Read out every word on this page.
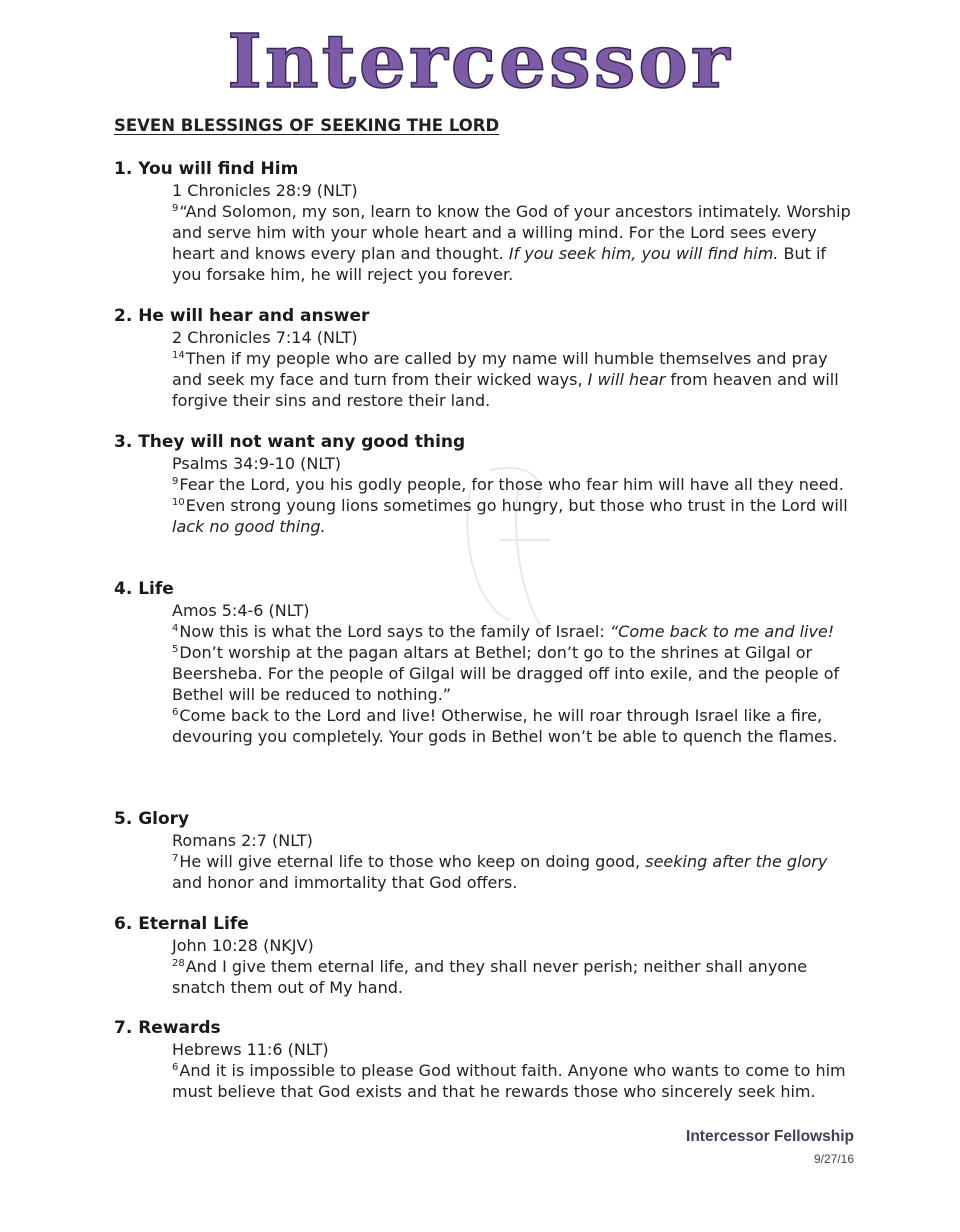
Intercessor
SEVEN BLESSINGS OF SEEKING THE LORD
1. You will find Him
1 Chronicles 28:9 (NLT)
$^9$“And Solomon, my son, learn to know the God of your ancestors intimately. Worship and serve him with your whole heart and a willing mind. For the Lord sees every heart and knows every plan and thought. If you seek him, you will find him. But if you forsake him, he will reject you forever.
2. He will hear and answer
2 Chronicles 7:14 (NLT)
$^{14}$Then if my people who are called by my name will humble themselves and pray and seek my face and turn from their wicked ways, I will hear from heaven and will forgive their sins and restore their land.
3. They will not want any good thing
Psalms 34:9-10 (NLT)
$^9$Fear the Lord, you his godly people, for those who fear him will have all they need.
$^{10}$Even strong young lions sometimes go hungry, but those who trust in the Lord will lack no good thing.
4. Life
Amos 5:4-6 (NLT)
$^4$Now this is what the Lord says to the family of Israel: “Come back to me and live!
$^5$Don’t worship at the pagan altars at Bethel; don’t go to the shrines at Gilgal or Beersheba. For the people of Gilgal will be dragged off into exile, and the people of Bethel will be reduced to nothing.”
$^6$Come back to the Lord and live! Otherwise, he will roar through Israel like a fire, devouring you completely. Your gods in Bethel won’t be able to quench the flames.
5. Glory
Romans 2:7 (NLT)
$^7$He will give eternal life to those who keep on doing good, seeking after the glory and honor and immortality that God offers.
6. Eternal Life
John 10:28 (NKJV)
$^{28}$And I give them eternal life, and they shall never perish; neither shall anyone snatch them out of My hand.
7. Rewards
Hebrews 11:6 (NLT)
$^6$And it is impossible to please God without faith. Anyone who wants to come to him must believe that God exists and that he rewards those who sincerely seek him.
Intercessor Fellowship
9/27/16
